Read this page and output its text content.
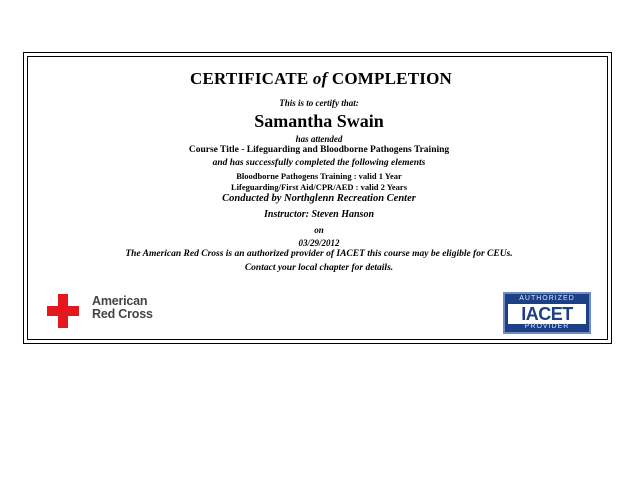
CERTIFICATE of COMPLETION
This is to certify that:
Samantha Swain
has attended
Course Title - Lifeguarding and Bloodborne Pathogens Training
and has successfully completed the following elements
Bloodborne Pathogens Training : valid 1 Year
Lifeguarding/First Aid/CPR/AED : valid 2 Years
Conducted by Northglenn Recreation Center
Instructor: Steven Hanson
on
03/29/2012
The American Red Cross is an authorized provider of IACET this course may be eligible for CEUs.
Contact your local chapter for details.
American
Red Cross
AUTHORIZED
IACET
PROVIDER
